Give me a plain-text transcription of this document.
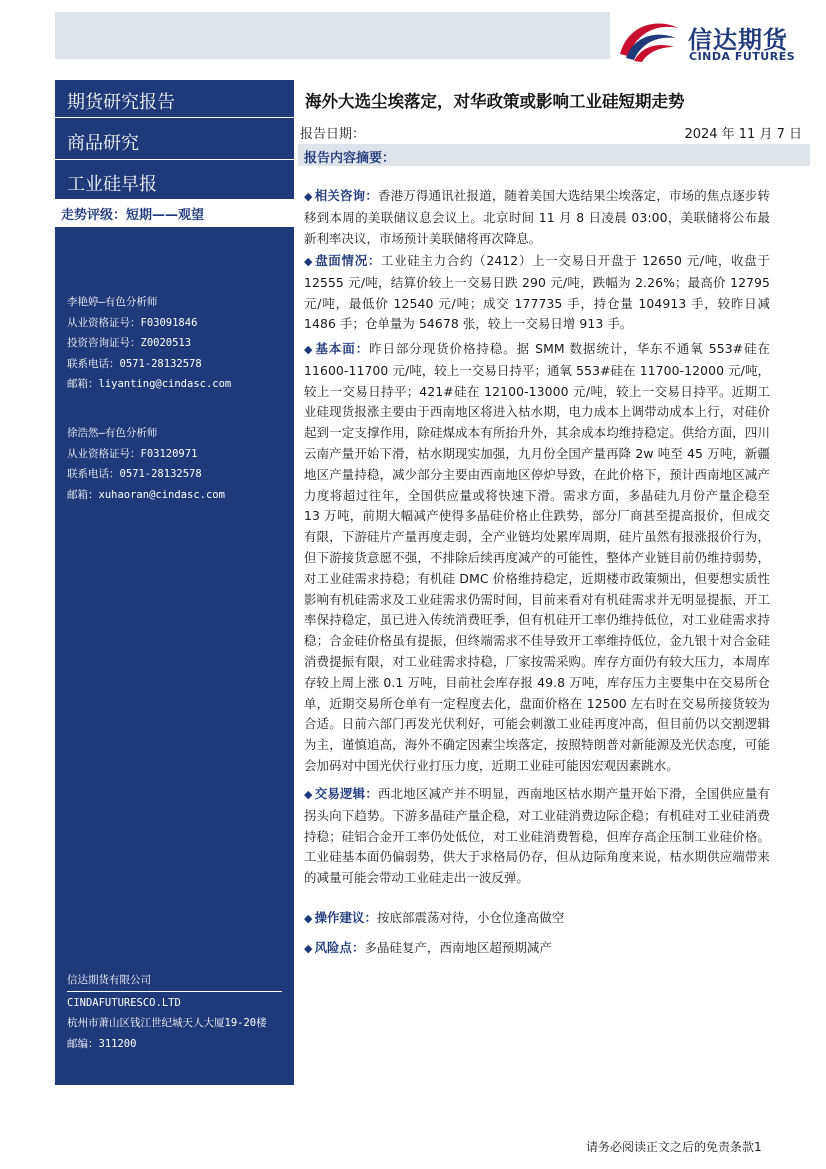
信达期货
CINDA FUTURES
期货研究报告
商品研究
工业硅早报
走势评级：短期——观望
李艳婷—有色分析师
从业资格证号：F03091846
投资咨询证号：Z0020513
联系电话：0571-28132578
邮箱：liyanting@cindasc.com
徐浩然—有色分析师
从业资格证号：F03120971
联系电话：0571-28132578
邮箱：xuhaoran@cindasc.com
信达期货有限公司
CINDAFUTURESCO.LTD
杭州市萧山区钱江世纪城天人大厦19-20楼
邮编：311200
海外大选尘埃落定，对华政策或影响工业硅短期走势
报告日期：	2024 年 11 月 7 日
报告内容摘要：
◆ 相关咨询：香港万得通讯社报道，随着美国大选结果尘埃落定，市场的焦点逐步转移到本周的美联储议息会议上。北京时间 11 月 8 日凌晨 03:00，美联储将公布最新利率决议，市场预计美联储将再次降息。
◆ 盘面情况：工业硅主力合约（2412）上一交易日开盘于 12650 元/吨，收盘于 12555 元/吨，结算价较上一交易日跌 290 元/吨，跌幅为 2.26%；最高价 12795 元/吨，最低价 12540 元/吨；成交 177735 手，持仓量 104913 手，较昨日减 1486 手；仓单量为 54678 张，较上一交易日增 913 手。
◆ 基本面：昨日部分现货价格持稳。据 SMM 数据统计，华东不通氧 553#硅在 11600-11700 元/吨，较上一交易日持平；通氧 553#硅在 11700-12000 元/吨，较上一交易日持平；421#硅在 12100-13000 元/吨，较上一交易日持平。近期工业硅现货报涨主要由于西南地区将进入枯水期，电力成本上调带动成本上行，对硅价起到一定支撑作用，除硅煤成本有所抬升外，其余成本均维持稳定。供给方面，四川云南产量开始下滑，枯水期现实加强，九月份全国产量再降 2w 吨至 45 万吨，新疆地区产量持稳，减少部分主要由西南地区停炉导致，在此价格下，预计西南地区减产力度将超过往年，全国供应量或将快速下滑。需求方面，多晶硅九月份产量企稳至 13 万吨，前期大幅减产使得多晶硅价格止住跌势，部分厂商甚至提高报价，但成交有限，下游硅片产量再度走弱，全产业链均处累库周期，硅片虽然有报涨报价行为，但下游接货意愿不强，不排除后续再度减产的可能性，整体产业链目前仍维持弱势，对工业硅需求持稳；有机硅 DMC 价格维持稳定，近期楼市政策频出，但要想实质性影响有机硅需求及工业硅需求仍需时间，目前来看对有机硅需求并无明显提振，开工率保持稳定，虽已进入传统消费旺季，但有机硅开工率仍维持低位，对工业硅需求持稳；合金硅价格虽有提振，但终端需求不佳导致开工率维持低位，金九银十对合金硅消费提振有限，对工业硅需求持稳，厂家按需采购。库存方面仍有较大压力，本周库存较上周上涨 0.1 万吨，目前社会库存报 49.8 万吨，库存压力主要集中在交易所仓单，近期交易所仓单有一定程度去化，盘面价格在 12500 左右时在交易所接货较为合适。日前六部门再发光伏利好，可能会刺激工业硅再度冲高，但目前仍以交割逻辑为主，谨慎追高，海外不确定因素尘埃落定，按照特朗普对新能源及光伏态度，可能会加码对中国光伏行业打压力度，近期工业硅可能因宏观因素跳水。
◆ 交易逻辑：西北地区减产并不明显，西南地区枯水期产量开始下滑，全国供应量有拐头向下趋势。下游多晶硅产量企稳，对工业硅消费边际企稳；有机硅对工业硅消费持稳；硅铝合金开工率仍处低位，对工业硅消费暂稳，但库存高企压制工业硅价格。工业硅基本面仍偏弱势，供大于求格局仍存，但从边际角度来说，枯水期供应端带来的减量可能会带动工业硅走出一波反弹。
◆ 操作建议：按底部震荡对待，小仓位逢高做空
◆ 风险点：多晶硅复产，西南地区超预期减产
请务必阅读正文之后的免责条款1
